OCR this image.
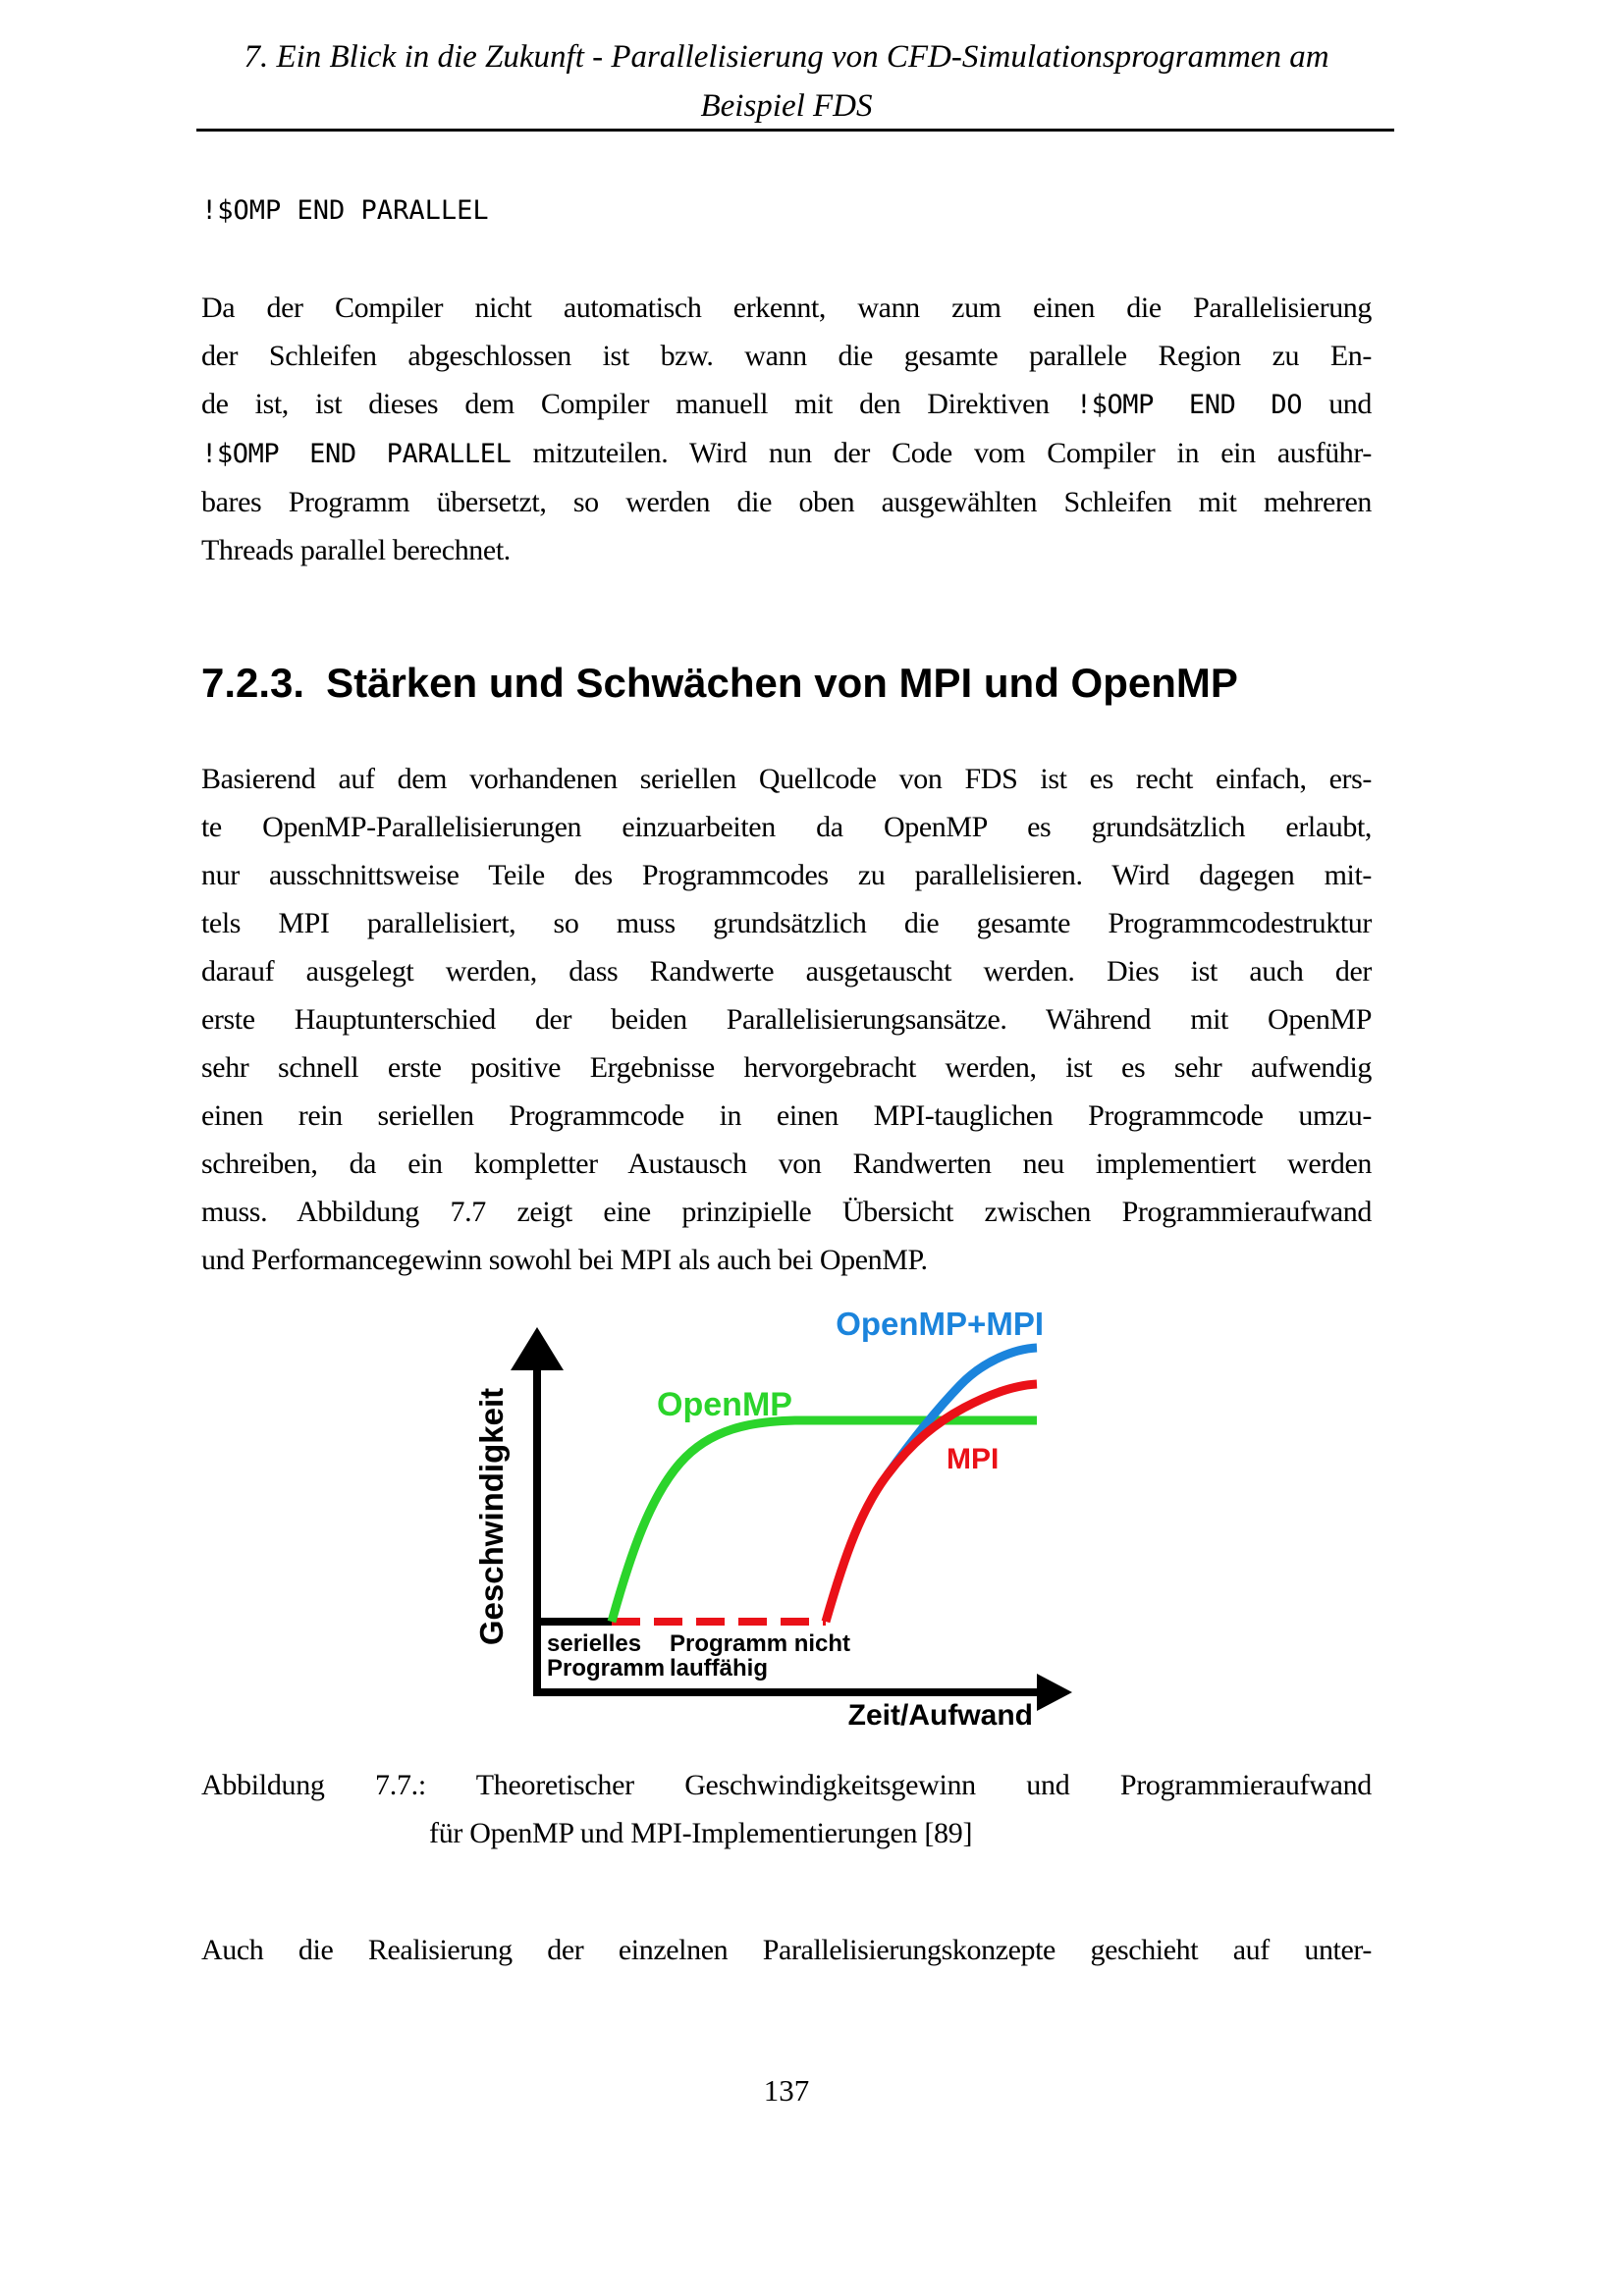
7. Ein Blick in die Zukunft - Parallelisierung von CFD-Simulationsprogrammen am
Beispiel FDS
!$OMP END PARALLEL
Da der Compiler nicht automatisch erkennt, wann zum einen die Parallelisierung
der Schleifen abgeschlossen ist bzw. wann die gesamte parallele Region zu En-
de ist, ist dieses dem Compiler manuell mit den Direktiven !$OMP END DO und
!$OMP END PARALLEL mitzuteilen. Wird nun der Code vom Compiler in ein ausführ-
bares Programm übersetzt, so werden die oben ausgewählten Schleifen mit mehreren
Threads parallel berechnet.
7.2.3. Stärken und Schwächen von MPI und OpenMP
Basierend auf dem vorhandenen seriellen Quellcode von FDS ist es recht einfach, ers-
te OpenMP-Parallelisierungen einzuarbeiten da OpenMP es grundsätzlich erlaubt,
nur ausschnittsweise Teile des Programmcodes zu parallelisieren. Wird dagegen mit-
tels MPI parallelisiert, so muss grundsätzlich die gesamte Programmcodestruktur
darauf ausgelegt werden, dass Randwerte ausgetauscht werden. Dies ist auch der
erste Hauptunterschied der beiden Parallelisierungsansätze. Während mit OpenMP
sehr schnell erste positive Ergebnisse hervorgebracht werden, ist es sehr aufwendig
einen rein seriellen Programmcode in einen MPI-tauglichen Programmcode umzu-
schreiben, da ein kompletter Austausch von Randwerten neu implementiert werden
muss. Abbildung 7.7 zeigt eine prinzipielle Übersicht zwischen Programmieraufwand
und Performancegewinn sowohl bei MPI als auch bei OpenMP.
OpenMP+MPI
OpenMP
MPI
serielles
Programm
Programm nicht
lauffähig
Zeit/Aufwand
Geschwindigkeit
Abbildung 7.7.: Theoretischer Geschwindigkeitsgewinn und Programmieraufwand
für OpenMP und MPI-Implementierungen [89]
Auch die Realisierung der einzelnen Parallelisierungskonzepte geschieht auf unter-
137
